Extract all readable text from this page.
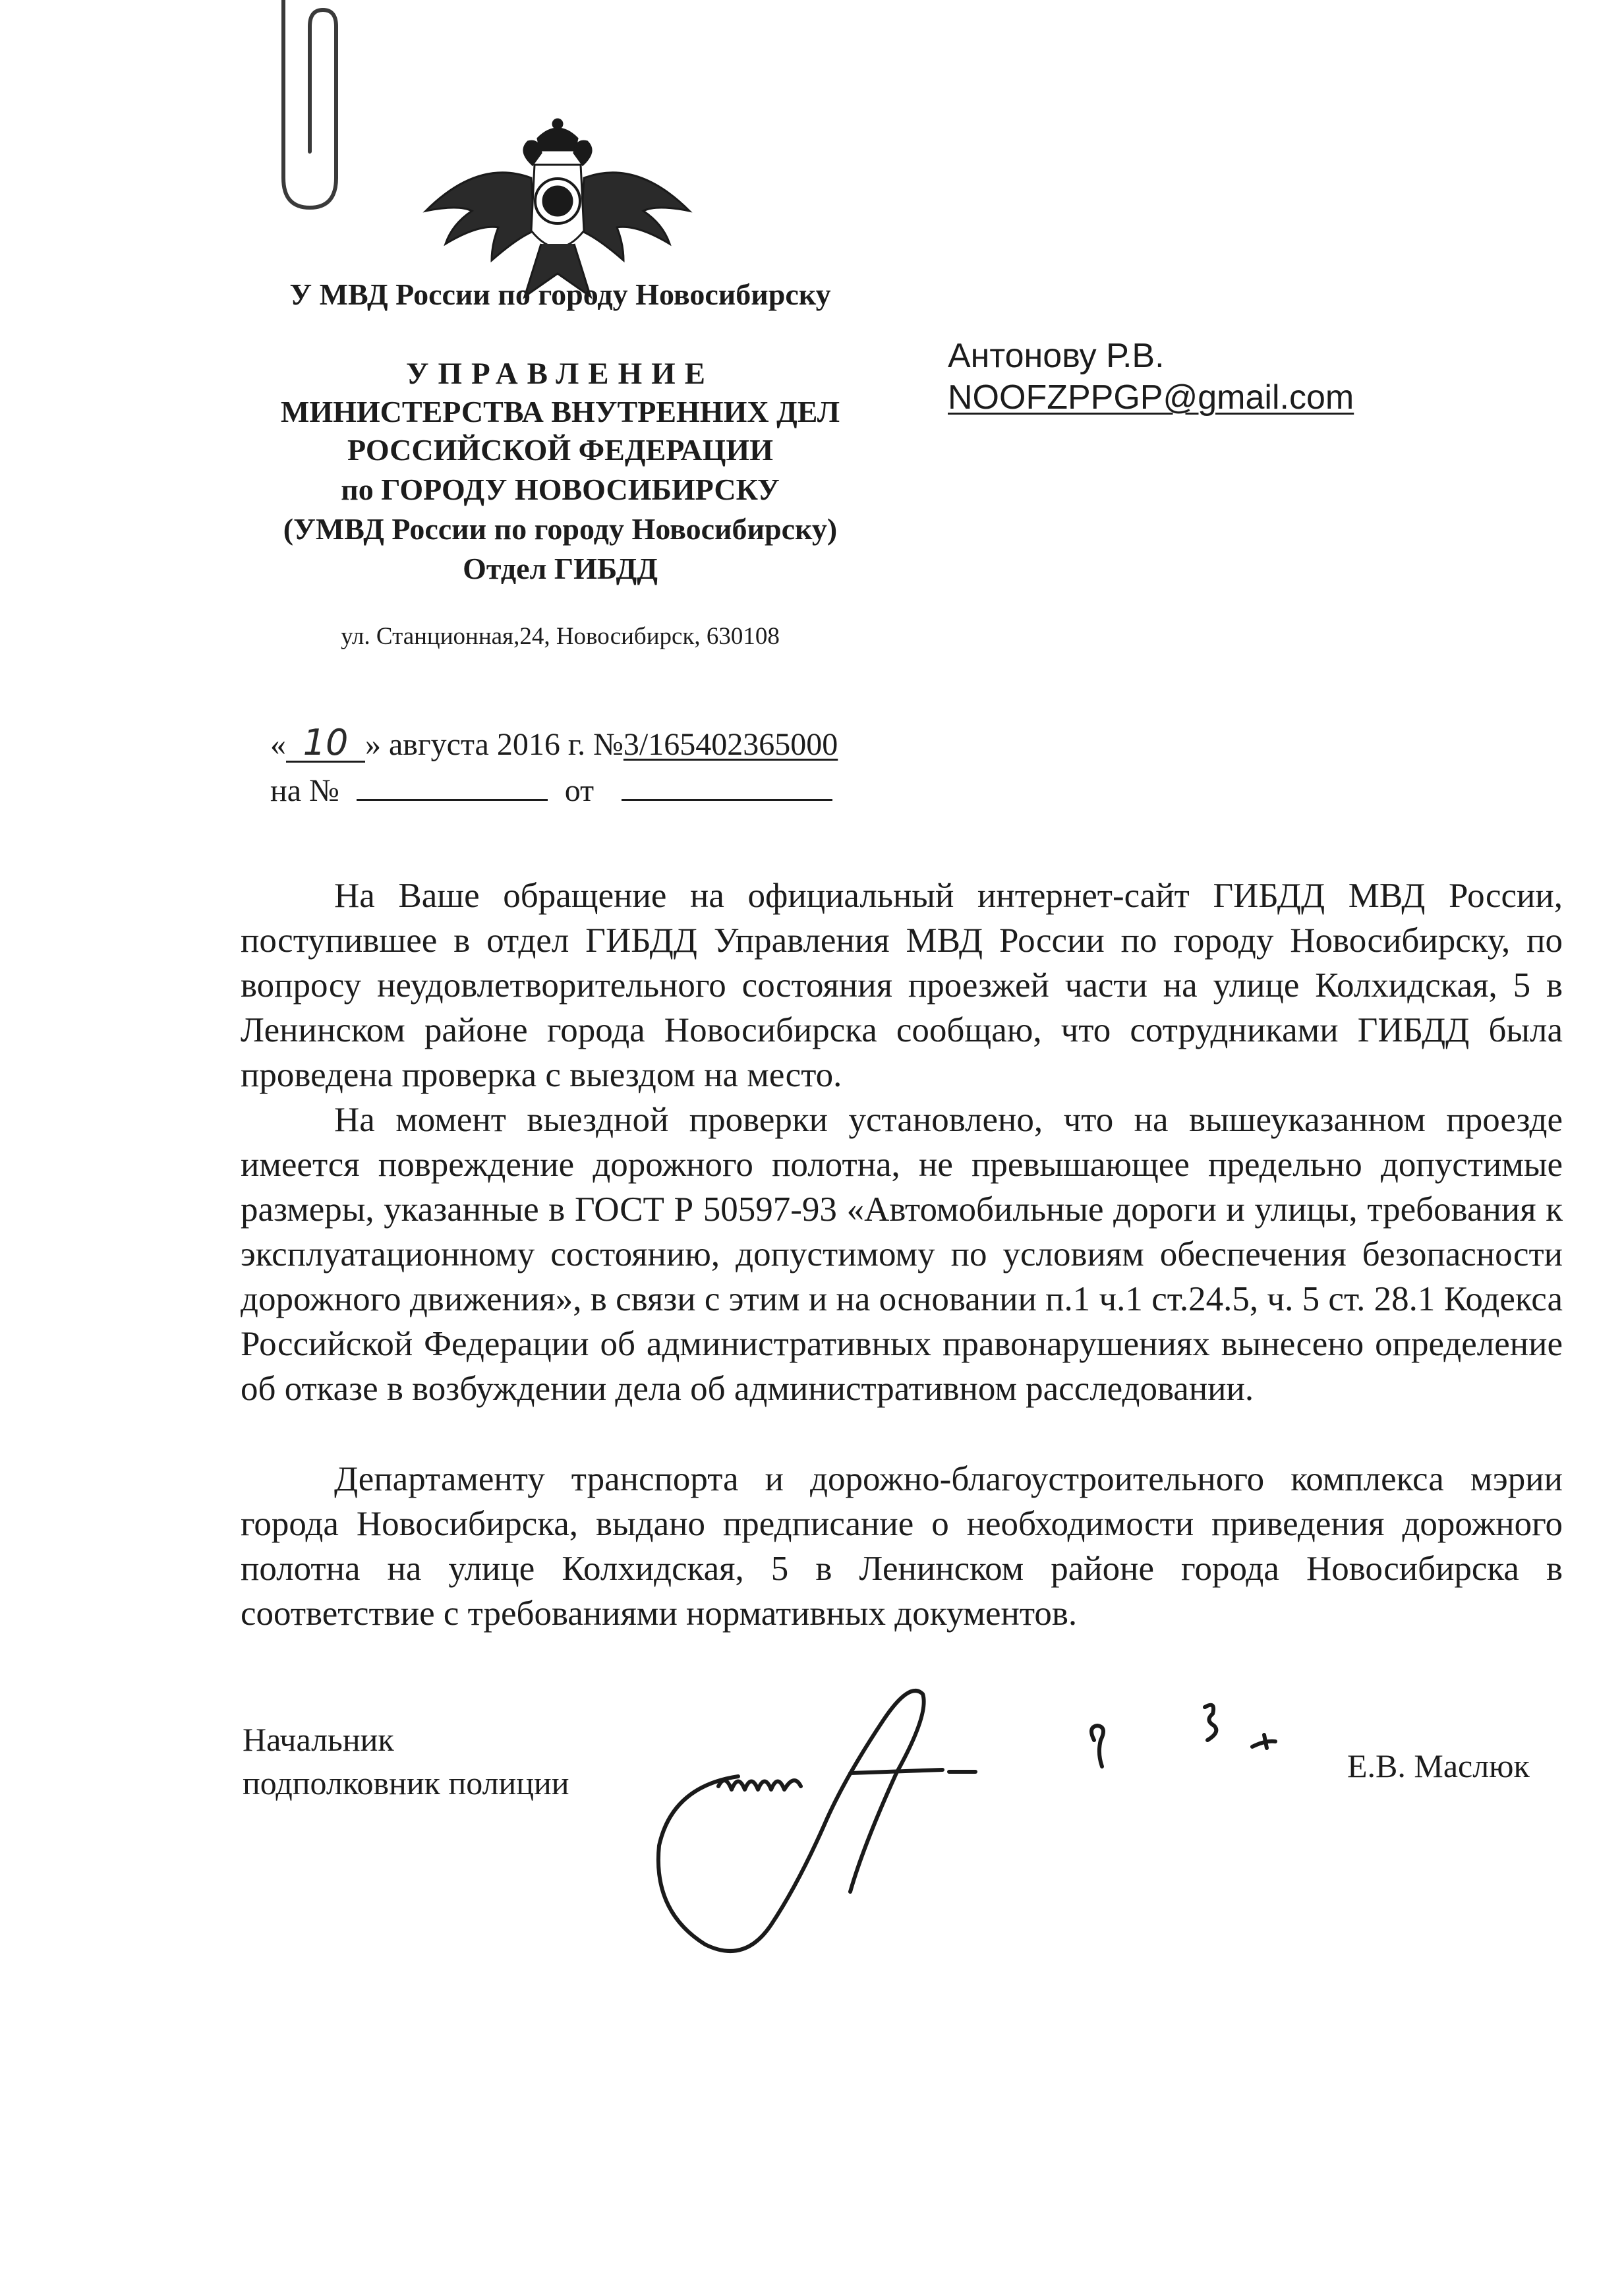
У МВД России по городу Новосибирску
УПРАВЛЕНИЕ
МИНИСТЕРСТВА ВНУТРЕННИХ ДЕЛ
РОССИЙСКОЙ ФЕДЕРАЦИИ
по ГОРОДУ НОВОСИБИРСКУ
(УМВД России по городу Новосибирску)
Отдел ГИБДД
ул. Станционная,24, Новосибирск, 630108
Антонову Р.В.
NOOFZPPGP@gmail.com
« 10 » августа 2016 г. №3/165402365000
на №	от
На Ваше обращение на официальный интернет-сайт ГИБДД МВД России, поступившее в отдел ГИБДД Управления МВД России по городу Новосибирску, по вопросу неудовлетворительного состояния проезжей части на улице Колхидская, 5 в Ленинском районе города Новосибирска сообщаю, что сотрудниками ГИБДД была проведена проверка с выездом на место.
На момент выездной проверки установлено, что на вышеуказанном проезде имеется повреждение дорожного полотна, не превышающее предельно допустимые размеры, указанные в ГОСТ Р 50597-93 «Автомобильные дороги и улицы, требования к эксплуатационному состоянию, допустимому по условиям обеспечения безопасности дорожного движения», в связи с этим и на основании п.1 ч.1 ст.24.5, ч. 5 ст. 28.1 Кодекса Российской Федерации об административных правонарушениях вынесено определение об отказе в возбуждении дела об административном расследовании.
Департаменту транспорта и дорожно-благоустроительного комплекса мэрии города Новосибирска, выдано предписание о необходимости приведения дорожного полотна на улице Колхидская, 5 в Ленинском районе города Новосибирска в соответствие с требованиями нормативных документов.
Начальник
подполковник полиции	Е.В. Маслюк
